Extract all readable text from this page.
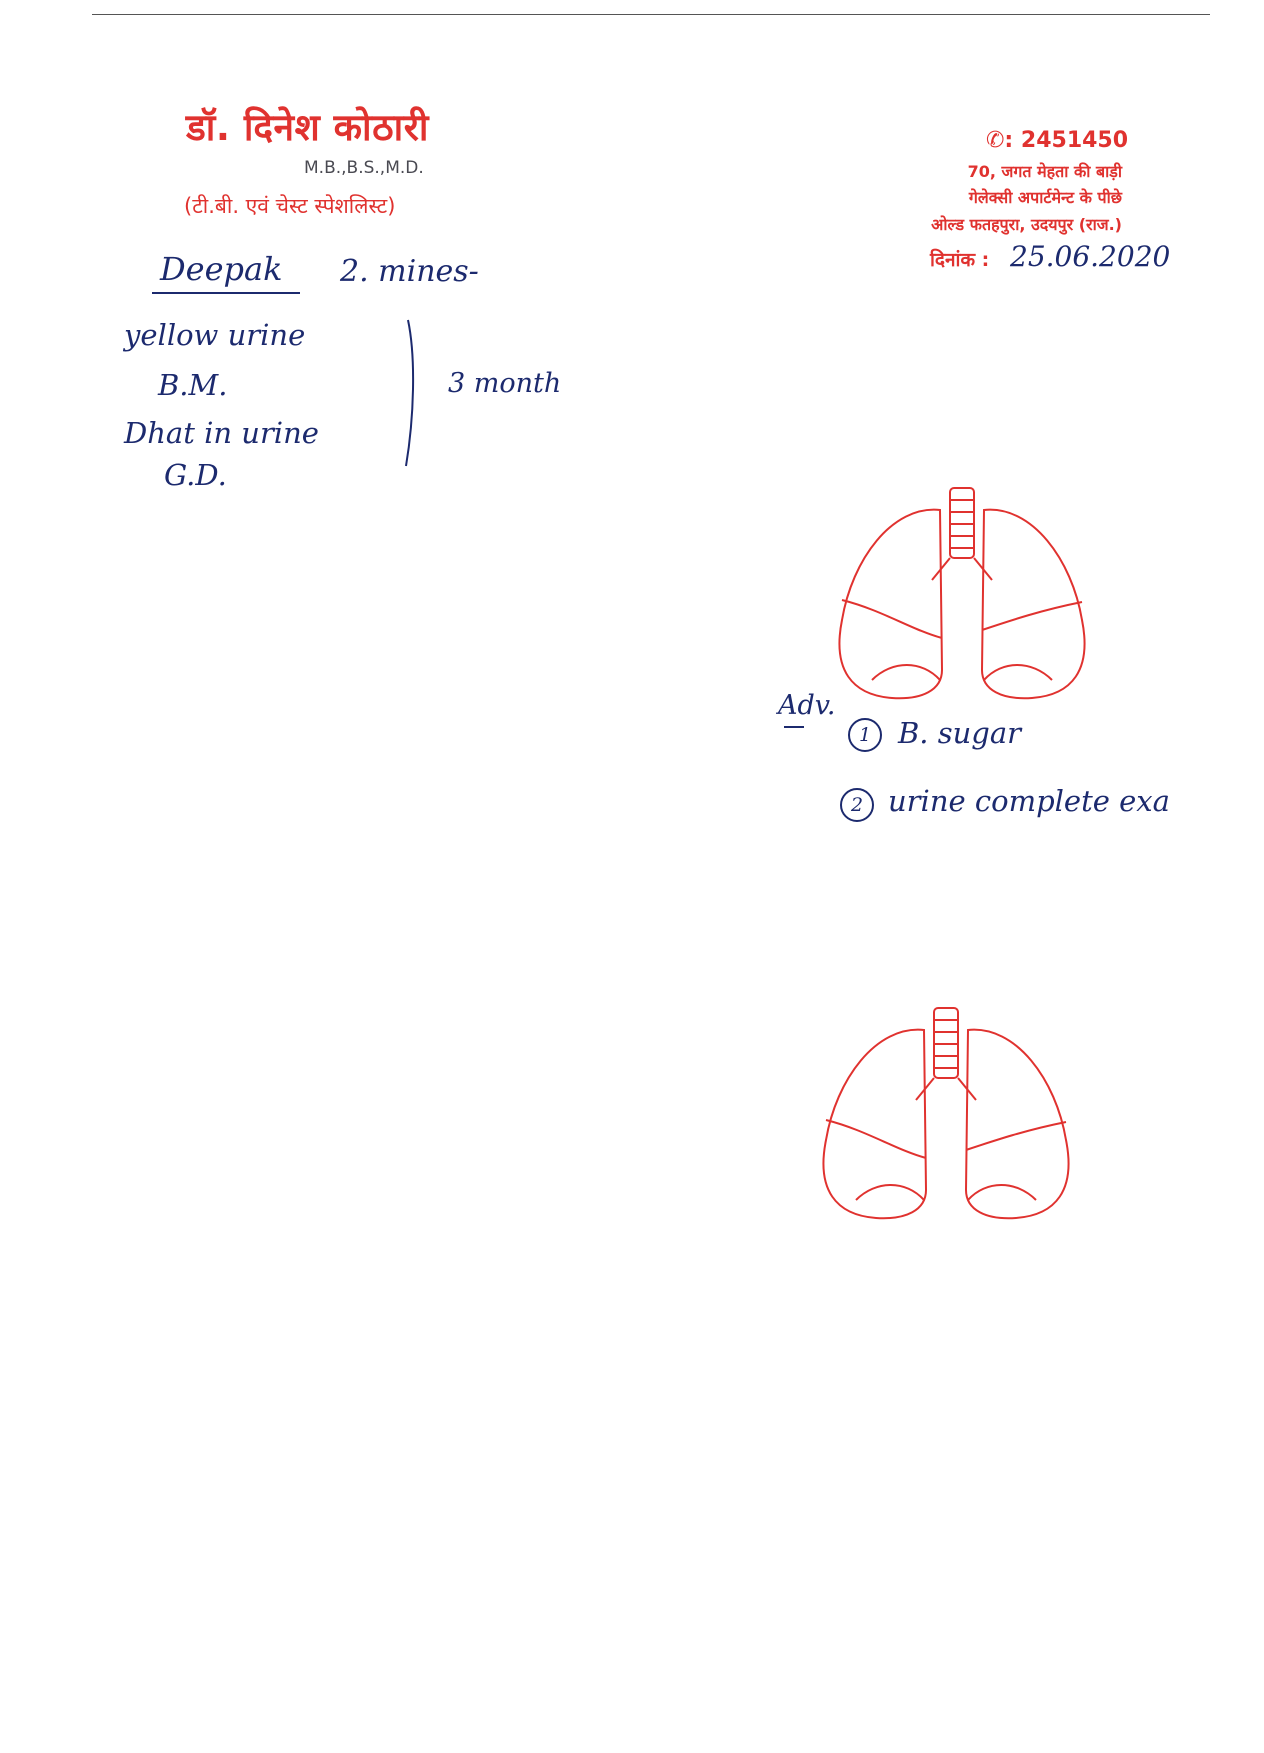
डॉ. दिनेश कोठारी
M.B.,B.S.,M.D.
(टी.बी. एवं चेस्ट स्पेशलिस्ट)
✆: 2451450
70, जगत मेहता की बाड़ी
गेलेक्सी अपार्टमेन्ट के पीछे
ओल्ड फतहपुरा, उदयपुर (राज.)
दिनांक : 25.06.2020
Deepak 2. mines-
yellow urine
B.M.
Dhat in urine
G.D.
3 month
Adv.
1 B. sugar
2 urine complete exa
